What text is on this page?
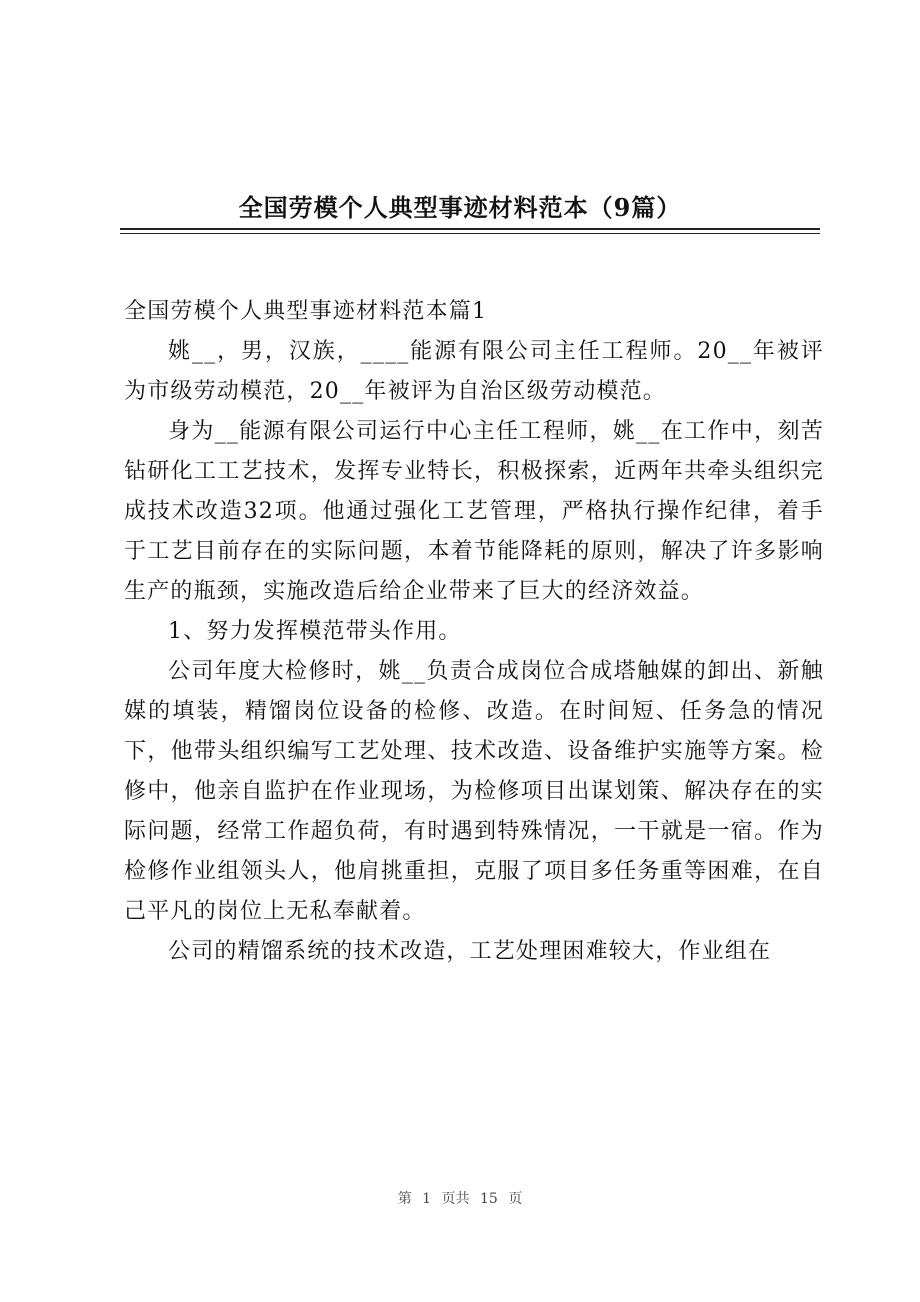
全国劳模个人典型事迹材料范本（9篇）

全国劳模个人典型事迹材料范本篇1

姚__，男，汉族，____能源有限公司主任工程师。20__年被评为市级劳动模范，20__年被评为自治区级劳动模范。

身为__能源有限公司运行中心主任工程师，姚__在工作中，刻苦钻研化工工艺技术，发挥专业特长，积极探索，近两年共牵头组织完成技术改造32项。他通过强化工艺管理，严格执行操作纪律，着手于工艺目前存在的实际问题，本着节能降耗的原则，解决了许多影响生产的瓶颈，实施改造后给企业带来了巨大的经济效益。

1、努力发挥模范带头作用。

公司年度大检修时，姚__负责合成岗位合成塔触媒的卸出、新触媒的填装，精馏岗位设备的检修、改造。在时间短、任务急的情况下，他带头组织编写工艺处理、技术改造、设备维护实施等方案。检修中，他亲自监护在作业现场，为检修项目出谋划策、解决存在的实际问题，经常工作超负荷，有时遇到特殊情况，一干就是一宿。作为检修作业组领头人，他肩挑重担，克服了项目多任务重等困难，在自己平凡的岗位上无私奉献着。

公司的精馏系统的技术改造，工艺处理困难较大，作业组在

第 1 页共 15 页
